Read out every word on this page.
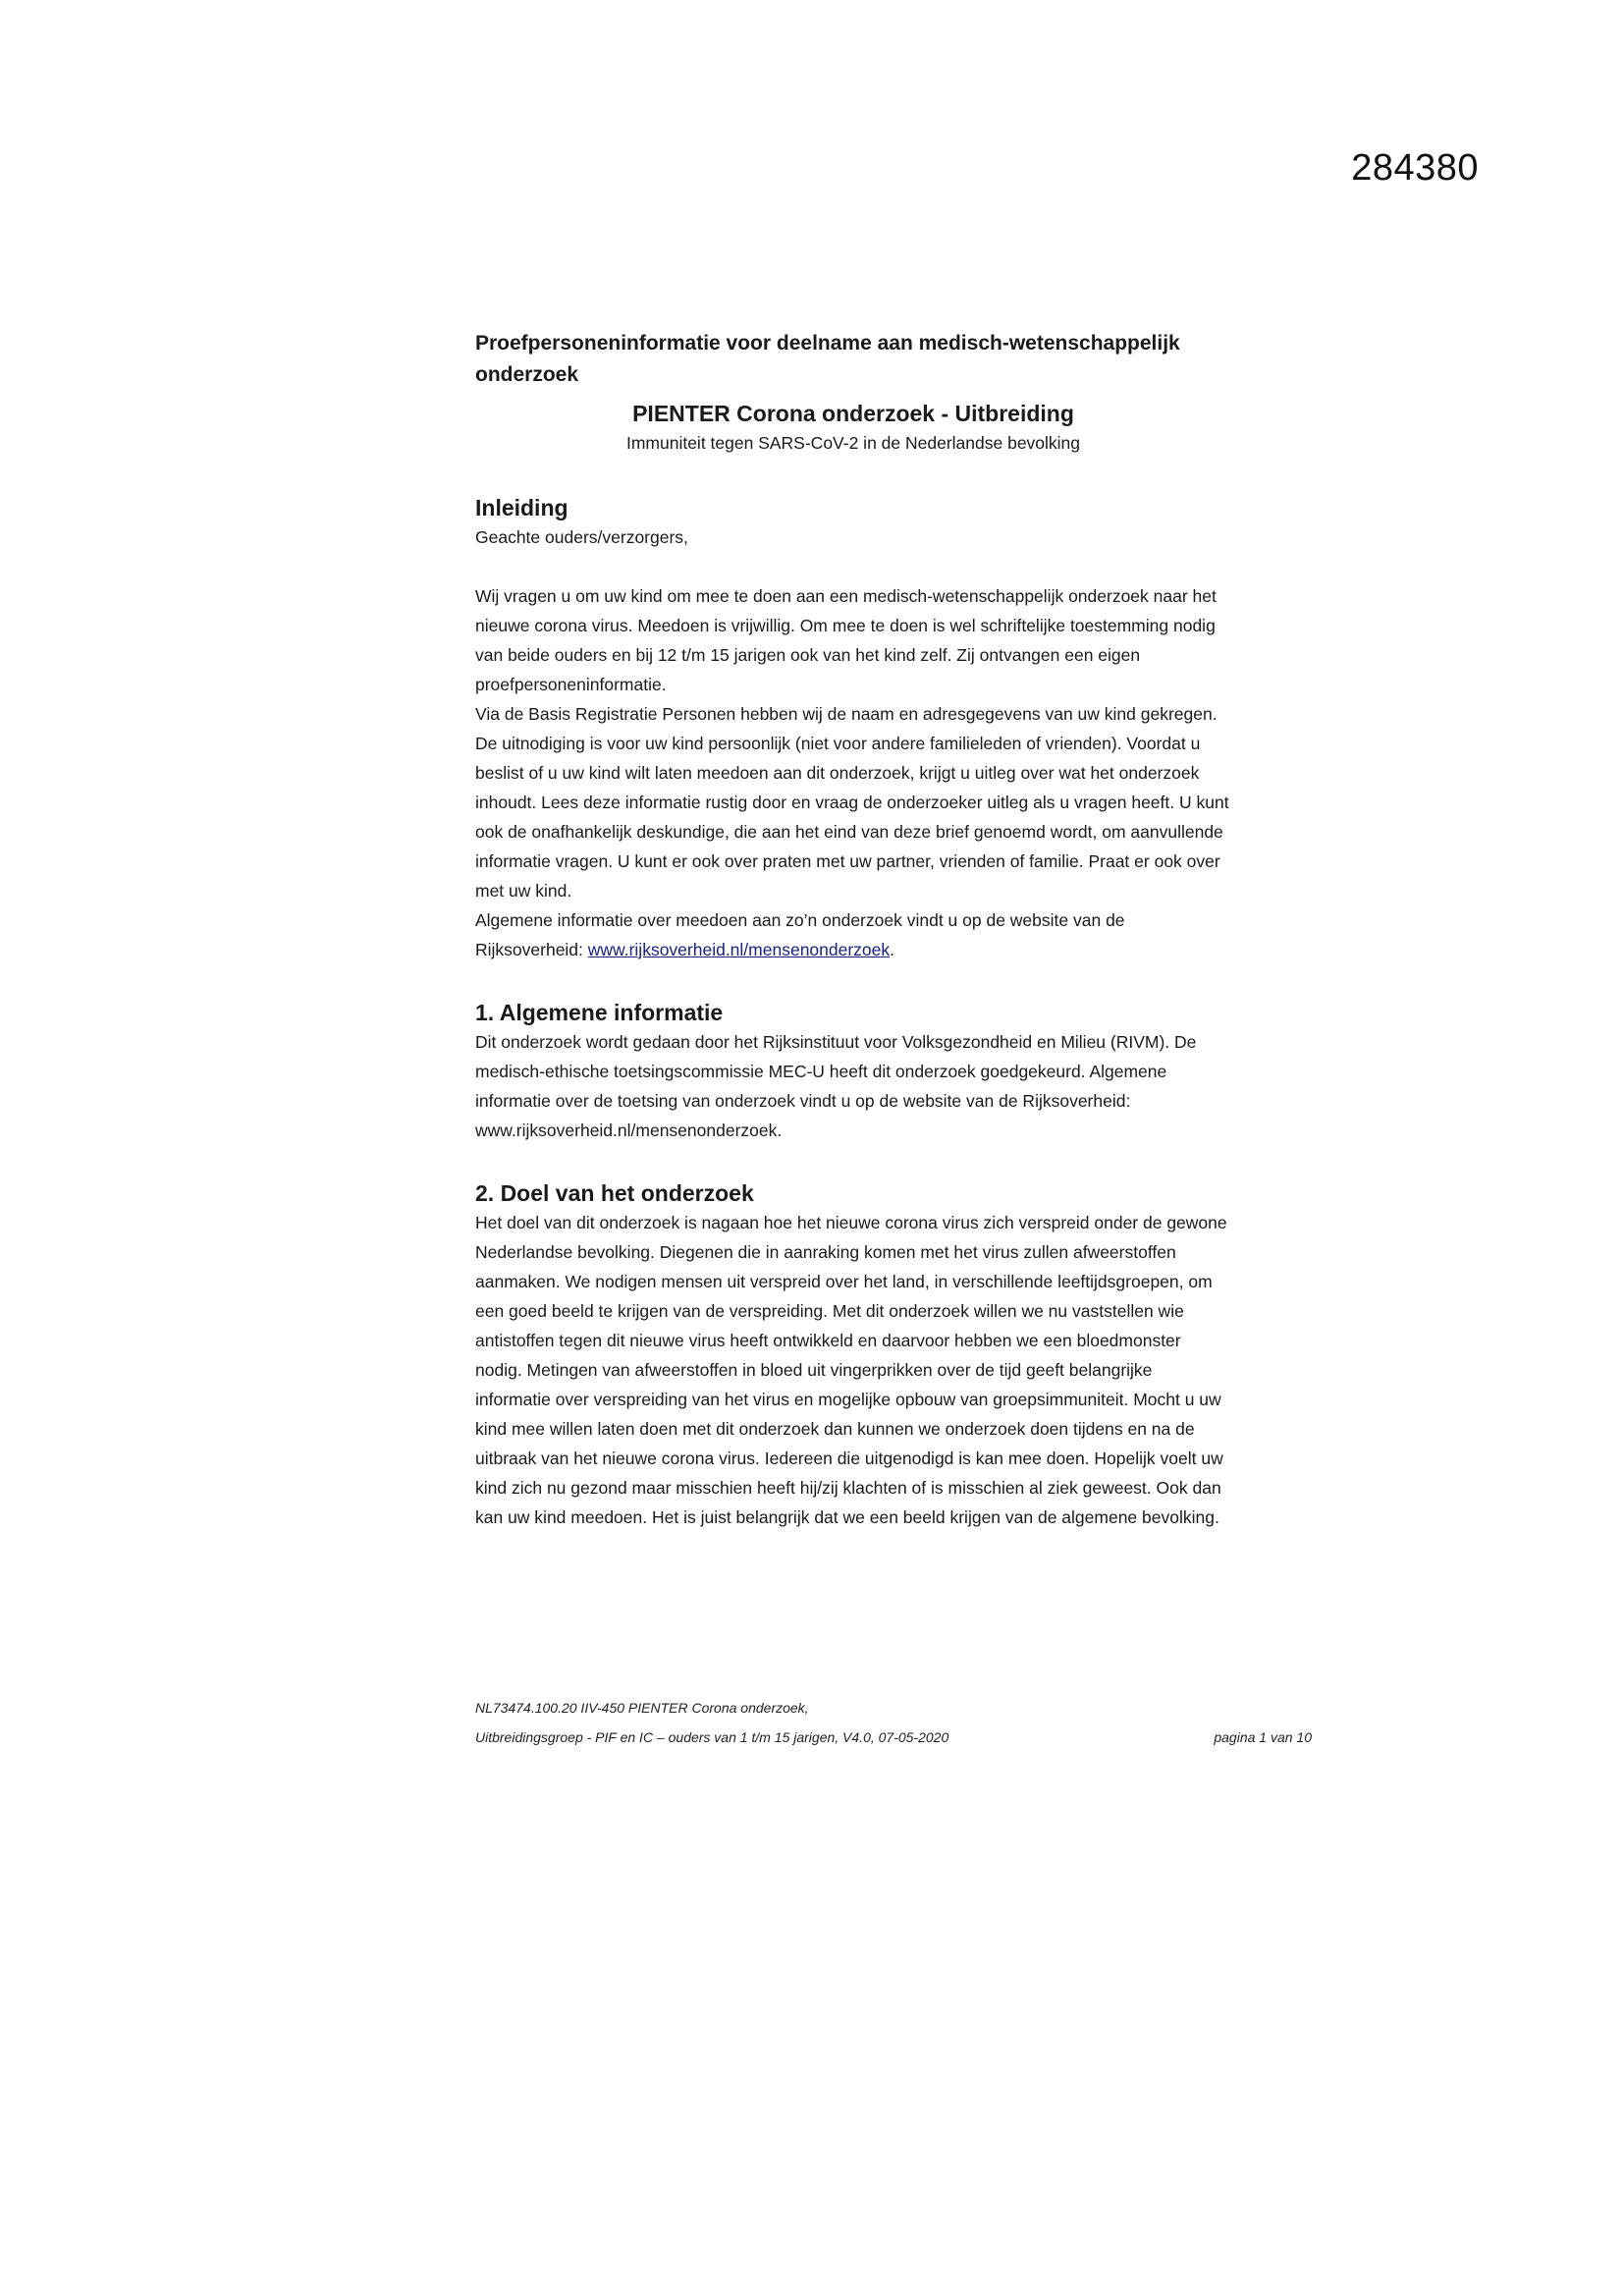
284380

Proefpersoneninformatie voor deelname aan medisch-wetenschappelijk onderzoek

PIENTER Corona onderzoek - Uitbreiding

Immuniteit tegen SARS-CoV-2 in de Nederlandse bevolking

Inleiding

Geachte ouders/verzorgers,

Wij vragen u om uw kind om mee te doen aan een medisch-wetenschappelijk onderzoek naar het nieuwe corona virus. Meedoen is vrijwillig. Om mee te doen is wel schriftelijke toestemming nodig van beide ouders en bij 12 t/m 15 jarigen ook van het kind zelf. Zij ontvangen een eigen proefpersoneninformatie.

Via de Basis Registratie Personen hebben wij de naam en adresgegevens van uw kind gekregen. De uitnodiging is voor uw kind persoonlijk (niet voor andere familieleden of vrienden). Voordat u beslist of u uw kind wilt laten meedoen aan dit onderzoek, krijgt u uitleg over wat het onderzoek inhoudt. Lees deze informatie rustig door en vraag de onderzoeker uitleg als u vragen heeft. U kunt ook de onafhankelijk deskundige, die aan het eind van deze brief genoemd wordt, om aanvullende informatie vragen. U kunt er ook over praten met uw partner, vrienden of familie. Praat er ook over met uw kind.

Algemene informatie over meedoen aan zo’n onderzoek vindt u op de website van de Rijksoverheid: www.rijksoverheid.nl/mensenonderzoek.

1. Algemene informatie

Dit onderzoek wordt gedaan door het Rijksinstituut voor Volksgezondheid en Milieu (RIVM). De medisch-ethische toetsingscommissie MEC-U heeft dit onderzoek goedgekeurd. Algemene informatie over de toetsing van onderzoek vindt u op de website van de Rijksoverheid: www.rijksoverheid.nl/mensenonderzoek.

2. Doel van het onderzoek

Het doel van dit onderzoek is nagaan hoe het nieuwe corona virus zich verspreid onder de gewone Nederlandse bevolking. Diegenen die in aanraking komen met het virus zullen afweerstoffen aanmaken. We nodigen mensen uit verspreid over het land, in verschillende leeftijdsgroepen, om een goed beeld te krijgen van de verspreiding. Met dit onderzoek willen we nu vaststellen wie antistoffen tegen dit nieuwe virus heeft ontwikkeld en daarvoor hebben we een bloedmonster nodig. Metingen van afweerstoffen in bloed uit vingerprikken over de tijd geeft belangrijke informatie over verspreiding van het virus en mogelijke opbouw van groepsimmuniteit. Mocht u uw kind mee willen laten doen met dit onderzoek dan kunnen we onderzoek doen tijdens en na de uitbraak van het nieuwe corona virus. Iedereen die uitgenodigd is kan mee doen. Hopelijk voelt uw kind zich nu gezond maar misschien heeft hij/zij klachten of is misschien al ziek geweest. Ook dan kan uw kind meedoen. Het is juist belangrijk dat we een beeld krijgen van de algemene bevolking.

NL73474.100.20 IIV-450 PIENTER Corona onderzoek,
Uitbreidingsgroep - PIF en IC – ouders van 1 t/m 15 jarigen, V4.0, 07-05-2020	pagina 1 van 10
